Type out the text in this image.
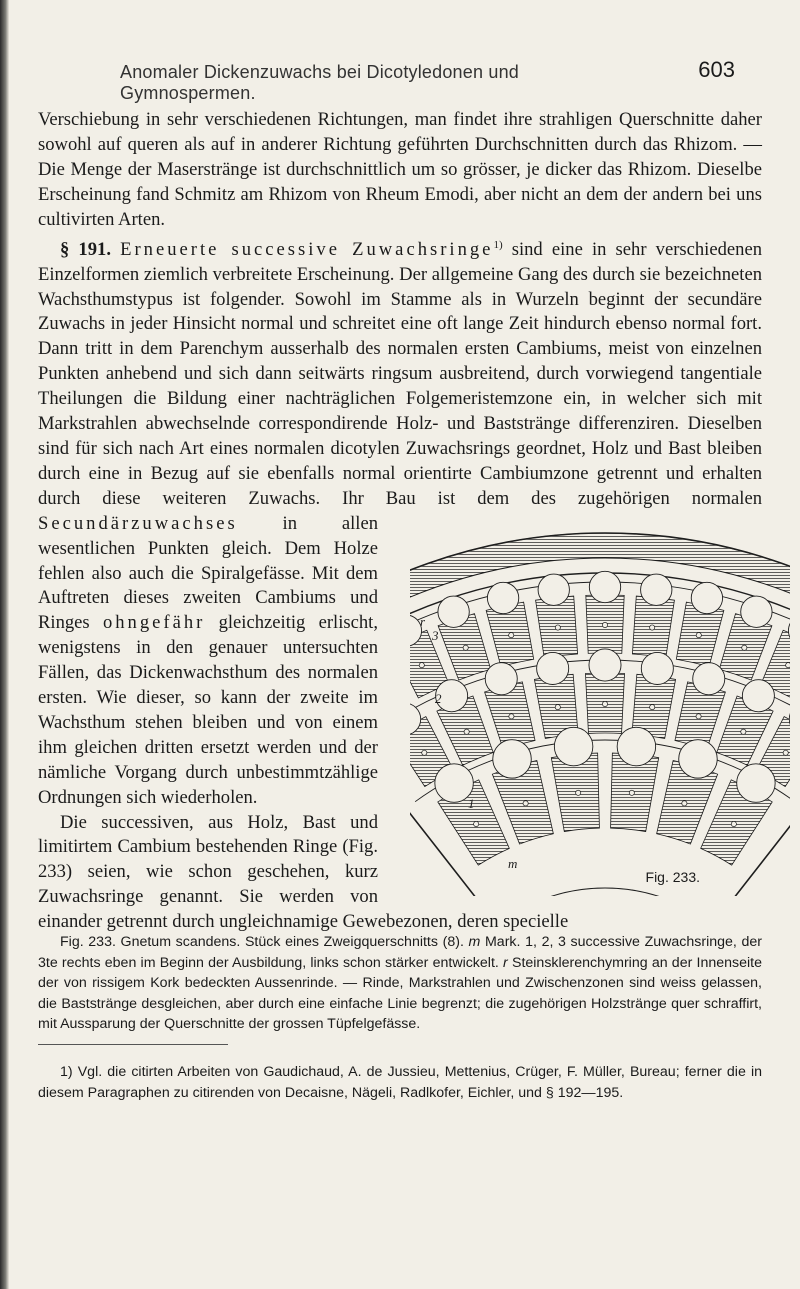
Anomaler Dickenzuwachs bei Dicotyledonen und Gymnospermen.
603

Verschiebung in sehr verschiedenen Richtungen, man findet ihre strahligen Querschnitte daher sowohl auf queren als auf in anderer Richtung geführten Durchschnitten durch das Rhizom. — Die Menge der Maserstränge ist durchschnittlich um so grösser, je dicker das Rhizom. Dieselbe Erscheinung fand Schmitz am Rhizom von Rheum Emodi, aber nicht an dem der andern bei uns cultivirten Arten.

§ 191. Erneuerte successive Zuwachsringe$^{1)}$ sind eine in sehr verschiedenen Einzelformen ziemlich verbreitete Erscheinung. Der allgemeine Gang des durch sie bezeichneten Wachsthumstypus ist folgender. Sowohl im Stamme als in Wurzeln beginnt der secundäre Zuwachs in jeder Hinsicht normal und schreitet eine oft lange Zeit hindurch ebenso normal fort. Dann tritt in dem Parenchym ausserhalb des normalen ersten Cambiums, meist von einzelnen Punkten anhebend und sich dann seitwärts ringsum ausbreitend, durch vorwiegend tangentiale Theilungen die Bildung einer nachträglichen Folgemeristemzone ein, in welcher sich mit Markstrahlen abwechselnde correspondirende Holz- und Baststränge differenziren. Dieselben sind für sich nach Art eines normalen dicotylen Zuwachsrings geordnet, Holz und Bast bleiben durch eine in Bezug auf sie ebenfalls normal orientirte Cambiumzone getrennt und erhalten durch diese weiteren Zuwachs. Ihr Bau ist dem des zugehörigen normalen
r
3
2
1
m
Fig. 233.
Secundärzuwachses in allen wesentlichen Punkten gleich. Dem Holze fehlen also auch die Spiralgefässe. Mit dem Auftreten dieses zweiten Cambiums und Ringes ohngefähr gleichzeitig erlischt, wenigstens in den genauer untersuchten Fällen, das Dickenwachsthum des normalen ersten. Wie dieser, so kann der zweite im Wachsthum stehen bleiben und von einem ihm gleichen dritten ersetzt werden und der nämliche Vorgang durch unbestimmtzählige Ordnungen sich wiederholen.

Die successiven, aus Holz, Bast und limitirtem Cambium bestehenden Ringe (Fig. 233) seien, wie schon geschehen, kurz Zuwachsringe genannt. Sie werden von einander getrennt durch ungleichnamige Gewebezonen, deren specielle

Fig. 233. Gnetum scandens. Stück eines Zweigquerschnitts (8). m Mark. 1, 2, 3 successive Zuwachsringe, der 3te rechts eben im Beginn der Ausbildung, links schon stärker entwickelt. r Steinsklerenchymring an der Innenseite der von rissigem Kork bedeckten Aussenrinde. — Rinde, Markstrahlen und Zwischenzonen sind weiss gelassen, die Baststränge desgleichen, aber durch eine einfache Linie begrenzt; die zugehörigen Holzstränge quer schraffirt, mit Aussparung der Querschnitte der grossen Tüpfelgefässe.

1) Vgl. die citirten Arbeiten von Gaudichaud, A. de Jussieu, Mettenius, Crüger, F. Müller, Bureau; ferner die in diesem Paragraphen zu citirenden von Decaisne, Nägeli, Radlkofer, Eichler, und § 192—195.
